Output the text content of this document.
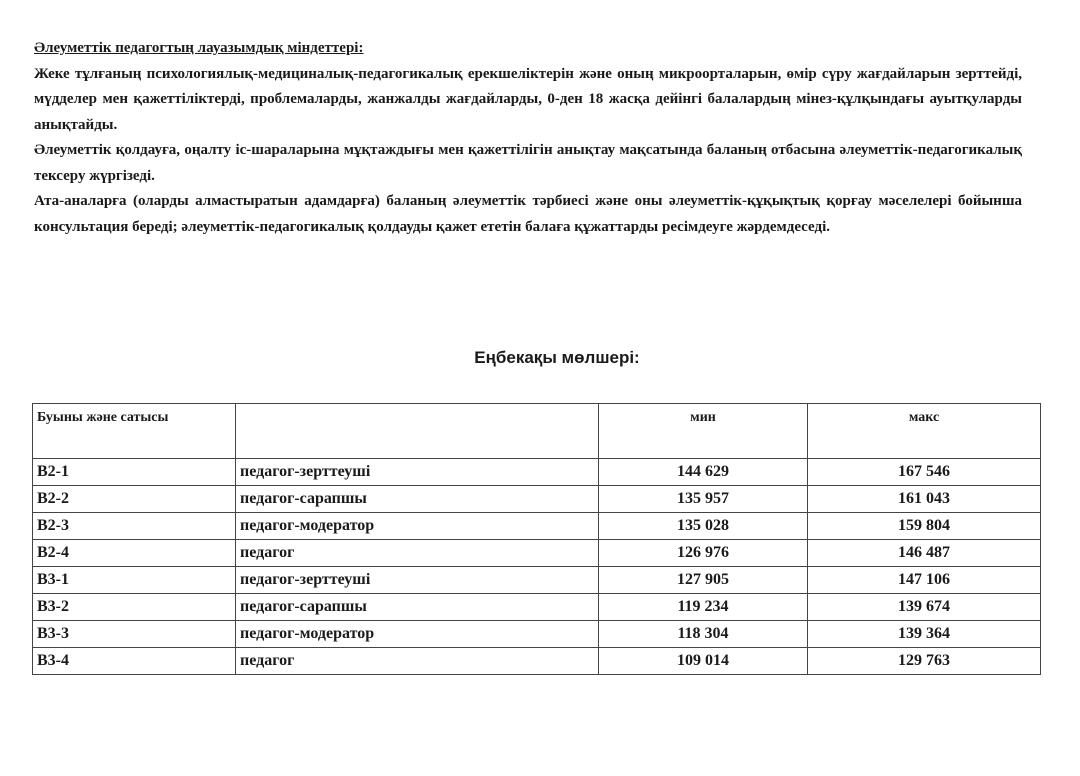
Әлеуметтік педагогтың лауазымдық міндеттері:

Жеке тұлғаның психологиялық-медициналық-педагогикалық ерекшеліктерін және оның микроорталарын, өмір сүру жағдайларын зерттейді, мүдделер мен қажеттіліктерді, проблемаларды, жанжалды жағдайларды, 0-ден 18 жасқа дейінгі балалардың мінез-құлқындағы ауытқуларды анықтайды.

Әлеуметтік қолдауға, оңалту іс-шараларына мұқтаждығы мен қажеттілігін анықтау мақсатында баланың отбасына әлеуметтік-педагогикалық тексеру жүргізеді.

Ата-аналарға (оларды алмастыратын адамдарға) баланың әлеуметтік тәрбиесі және оны әлеуметтік-құқықтық қорғау мәселелері бойынша консультация береді; әлеуметтік-педагогикалық қолдауды қажет ететін балаға құжаттарды ресімдеуге жәрдемдеседі.

Еңбекақы мөлшері:
Буыны және сатысы		мин	макс
В2-1	педагог-зерттеуші	144 629	167 546
В2-2	педагог-сарапшы	135 957	161 043
В2-3	педагог-модератор	135 028	159 804
В2-4	педагог	126 976	146 487
В3-1	педагог-зерттеуші	127 905	147 106
В3-2	педагог-сарапшы	119 234	139 674
В3-3	педагог-модератор	118 304	139 364
В3-4	педагог	109 014	129 763
